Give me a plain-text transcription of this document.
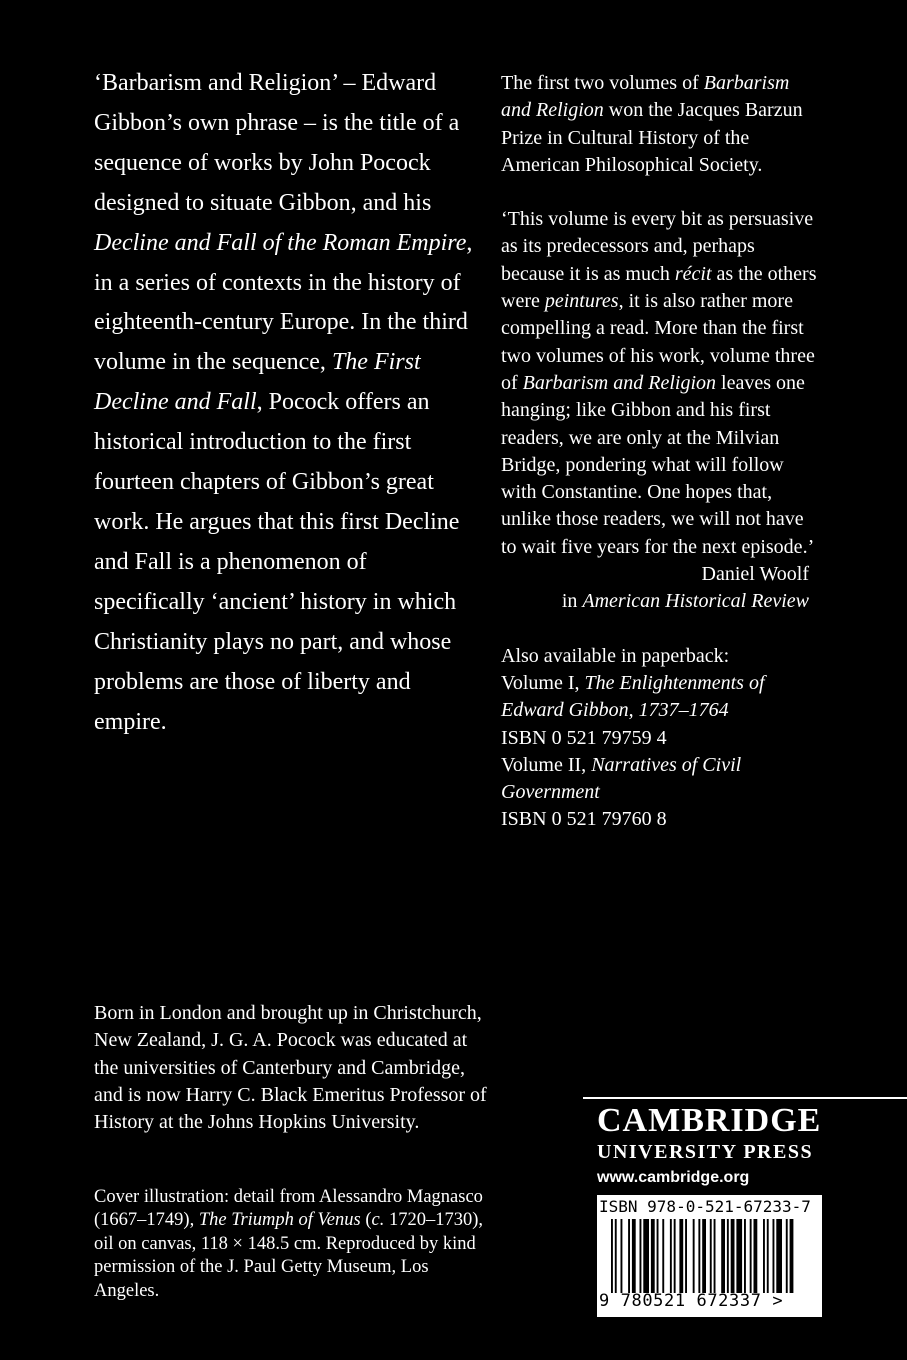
‘Barbarism and Religion’ – Edward Gibbon’s own phrase – is the title of a sequence of works by John Pocock designed to situate Gibbon, and his Decline and Fall of the Roman Empire, in a series of contexts in the history of eighteenth-century Europe. In the third volume in the sequence, The First Decline and Fall, Pocock offers an historical introduction to the first fourteen chapters of Gibbon’s great work. He argues that this first Decline and Fall is a phenomenon of specifically ‘ancient’ history in which Christianity plays no part, and whose problems are those of liberty and empire.

The first two volumes of Barbarism and Religion won the Jacques Barzun Prize in Cultural History of the American Philosophical Society.

‘This volume is every bit as persuasive as its predecessors and, perhaps because it is as much récit as the others were peintures, it is also rather more compelling a read. More than the first two volumes of his work, volume three of Barbarism and Religion leaves one hanging; like Gibbon and his first readers, we are only at the Milvian Bridge, pondering what will follow with Constantine. One hopes that, unlike those readers, we will not have to wait five years for the next episode.’

Daniel Woolf

in American Historical Review

Also available in paperback:

Volume I, The Enlightenments of Edward Gibbon, 1737–1764

ISBN 0 521 79759 4

Volume II, Narratives of Civil Government

ISBN 0 521 79760 8

Born in London and brought up in Christchurch, New Zealand, J. G. A. Pocock was educated at the universities of Canterbury and Cambridge, and is now Harry C. Black Emeritus Professor of History at the Johns Hopkins University.
Cover illustration: detail from Alessandro Magnasco (1667–1749), The Triumph of Venus (c. 1720–1730), oil on canvas, 118 × 148.5 cm. Reproduced by kind permission of the J. Paul Getty Museum, Los Angeles.
CAMBRIDGE
UNIVERSITY PRESS
www.cambridge.org
ISBN 978-0-521-67233-7
9 780521 672337 >
